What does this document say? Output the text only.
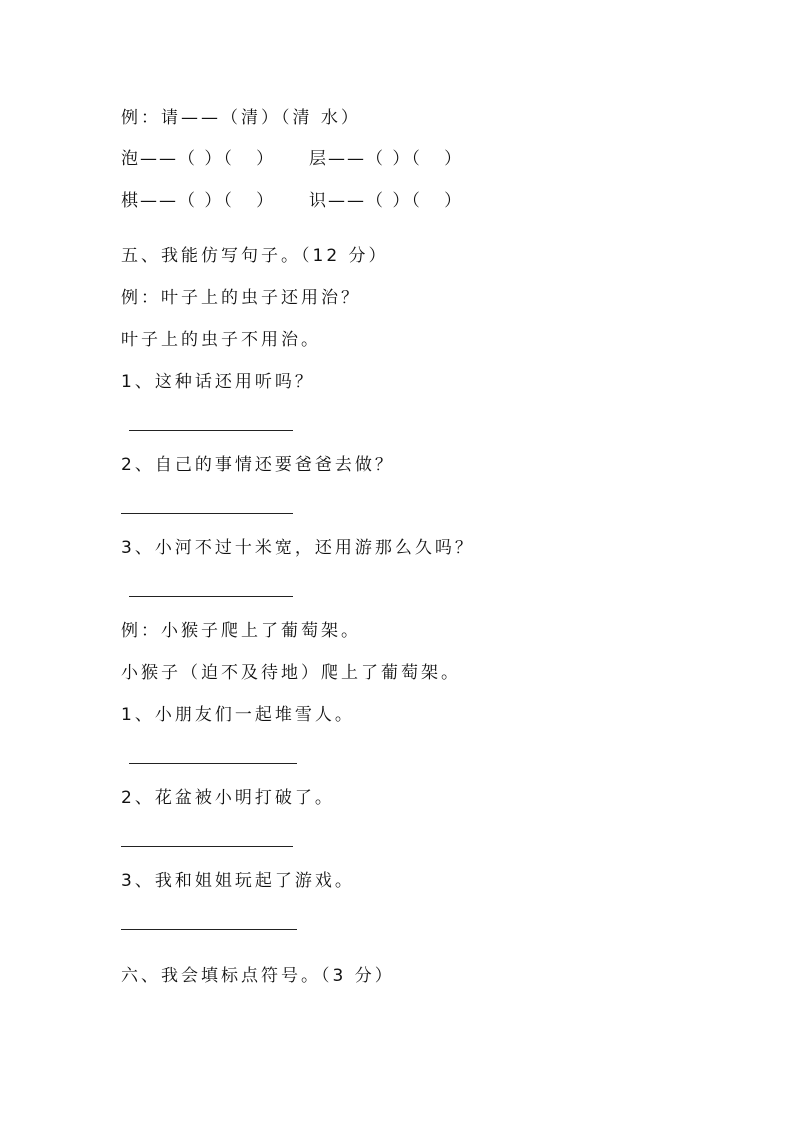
例：请——（清）（清 水）
泡——（ ）（   ） 层——（ ）（   ）
棋——（ ）（   ） 识——（ ）（   ）
五、我能仿写句子。（12 分）
例：叶子上的虫子还用治？
叶子上的虫子不用治。
1、这种话还用听吗？
2、自己的事情还要爸爸去做？
3、小河不过十米宽，还用游那么久吗？
例：小猴子爬上了葡萄架。
小猴子（迫不及待地）爬上了葡萄架。
1、小朋友们一起堆雪人。
2、花盆被小明打破了。
3、我和姐姐玩起了游戏。
六、我会填标点符号。（3 分）
